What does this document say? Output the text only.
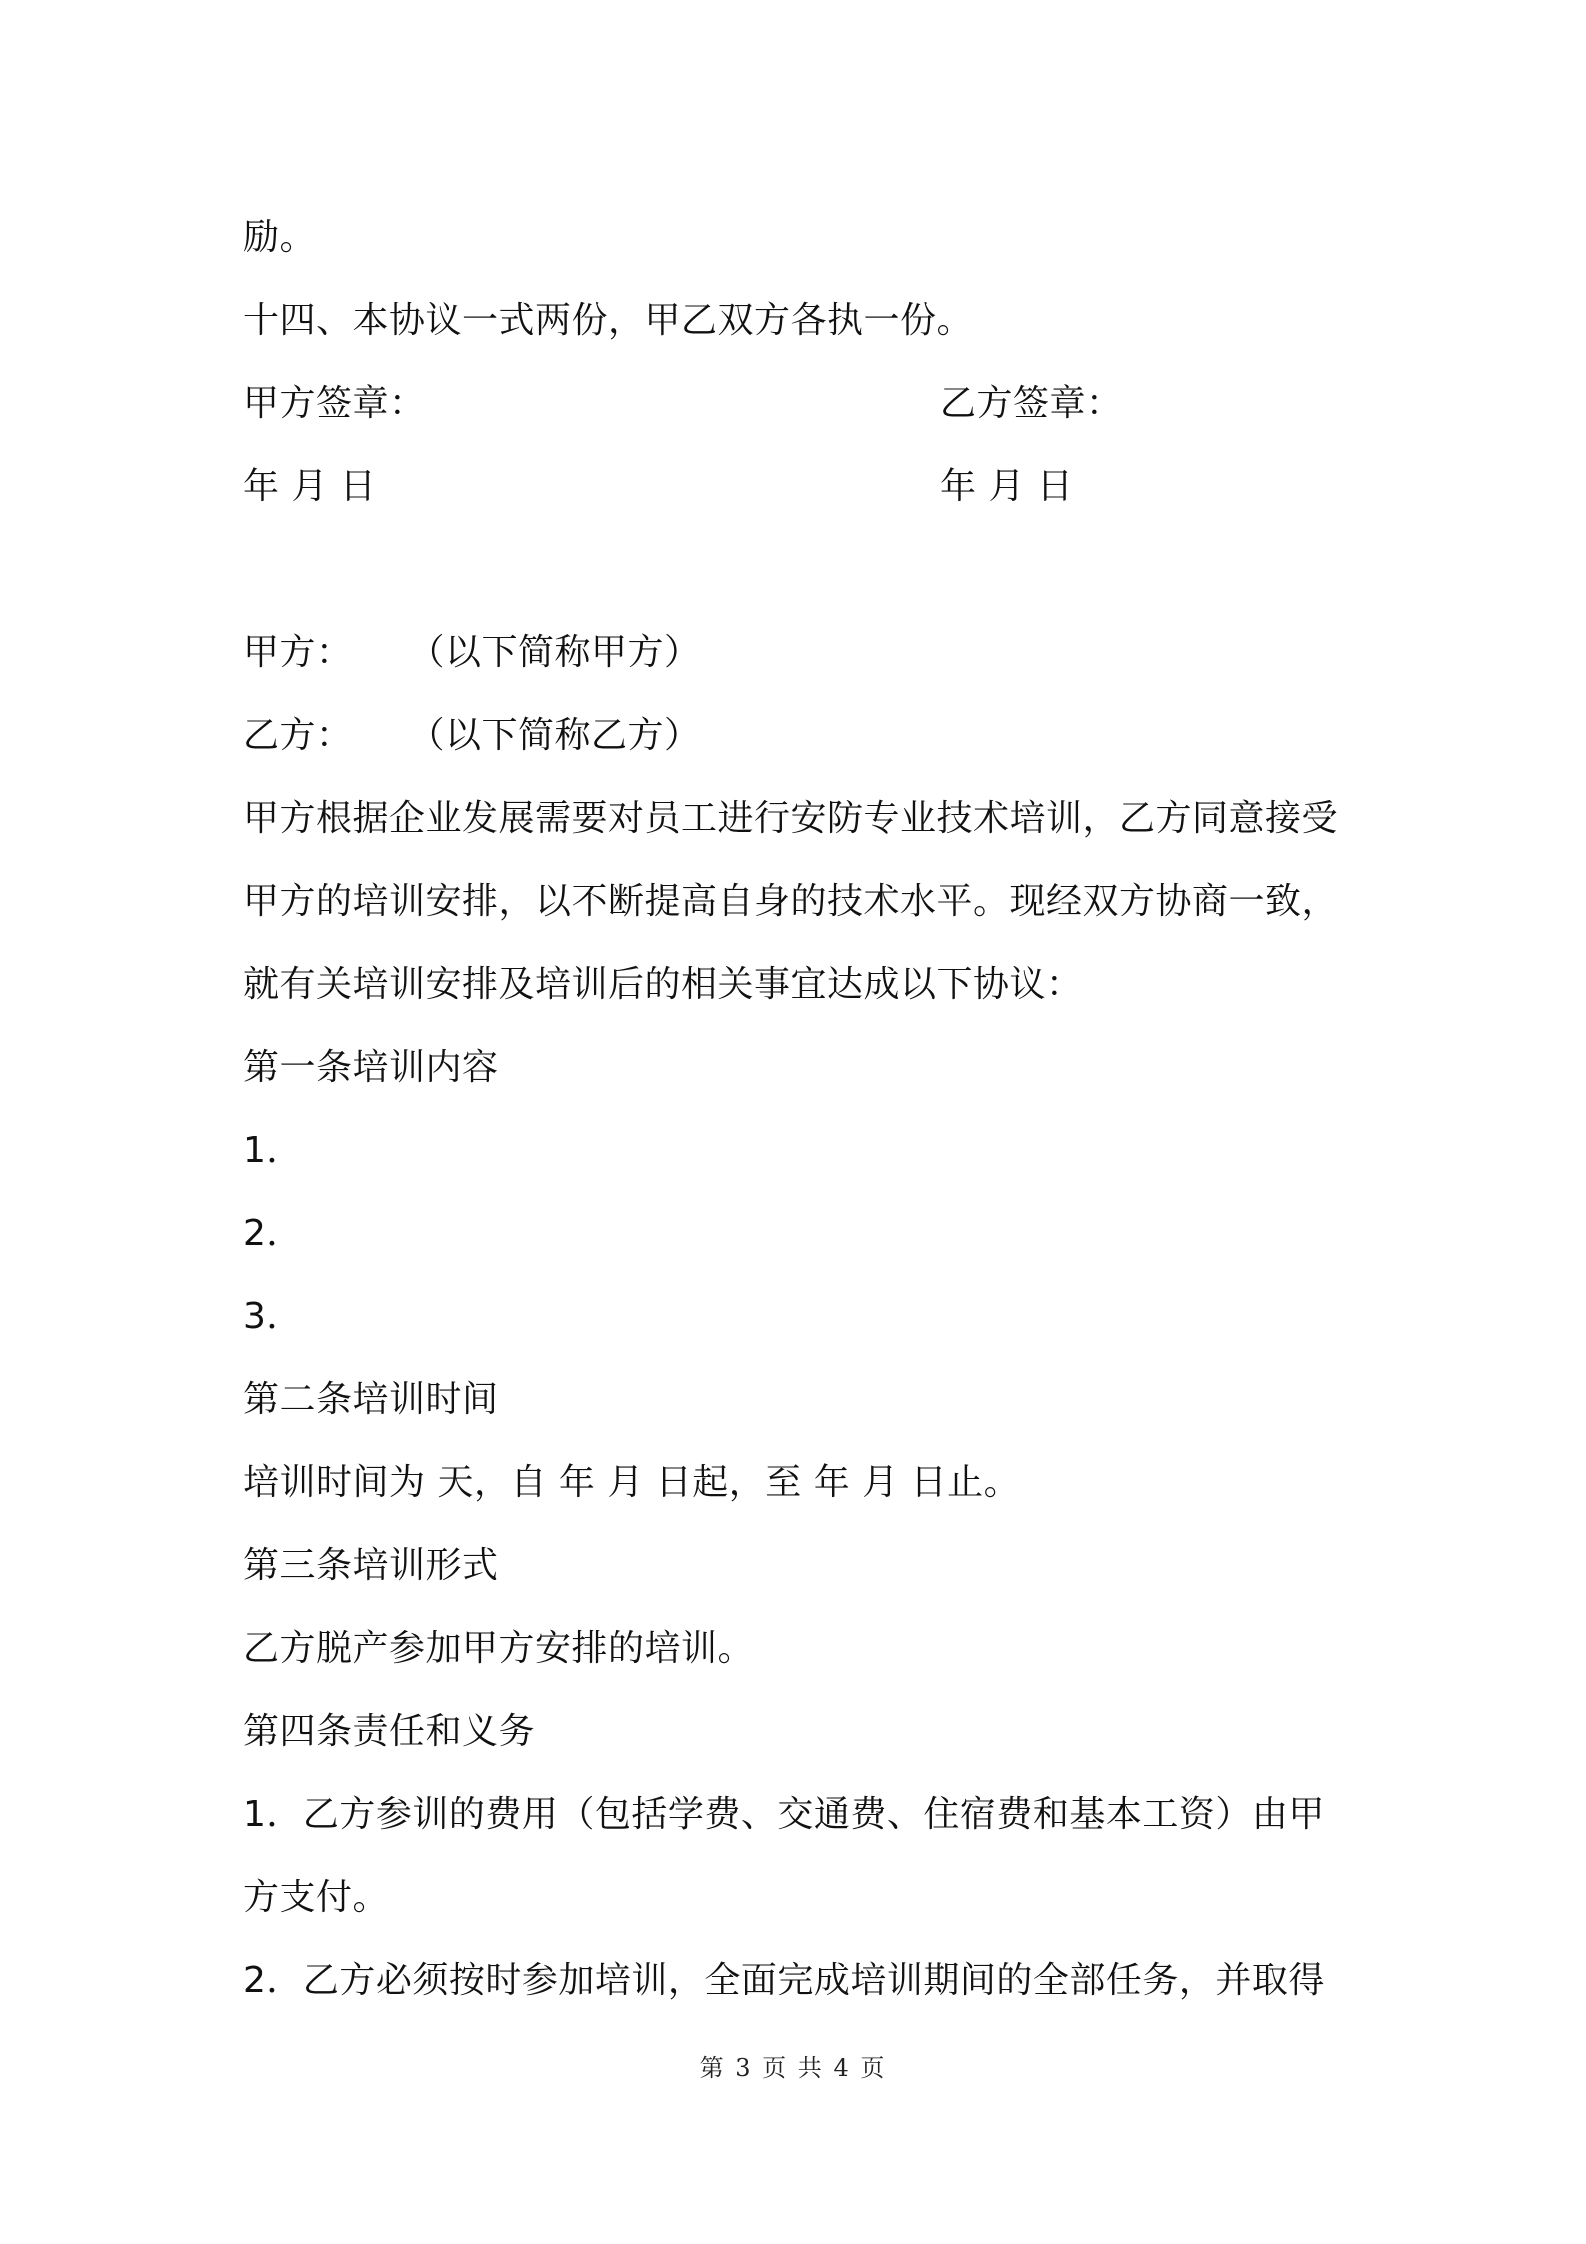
励。
十四、本协议一式两份，甲乙双方各执一份。
甲方签章：	乙方签章：
年 月 日	年 月 日
甲方： （以下简称甲方）
乙方： （以下简称乙方）
甲方根据企业发展需要对员工进行安防专业技术培训，乙方同意接受
甲方的培训安排，以不断提高自身的技术水平。现经双方协商一致，
就有关培训安排及培训后的相关事宜达成以下协议：
第一条培训内容
1．
2．
3．
第二条培训时间
培训时间为 天，自 年 月 日起，至 年 月 日止。
第三条培训形式
乙方脱产参加甲方安排的培训。
第四条责任和义务
1．乙方参训的费用（包括学费、交通费、住宿费和基本工资）由甲
方支付。
2．乙方必须按时参加培训，全面完成培训期间的全部任务，并取得
第 3 页 共 4 页
